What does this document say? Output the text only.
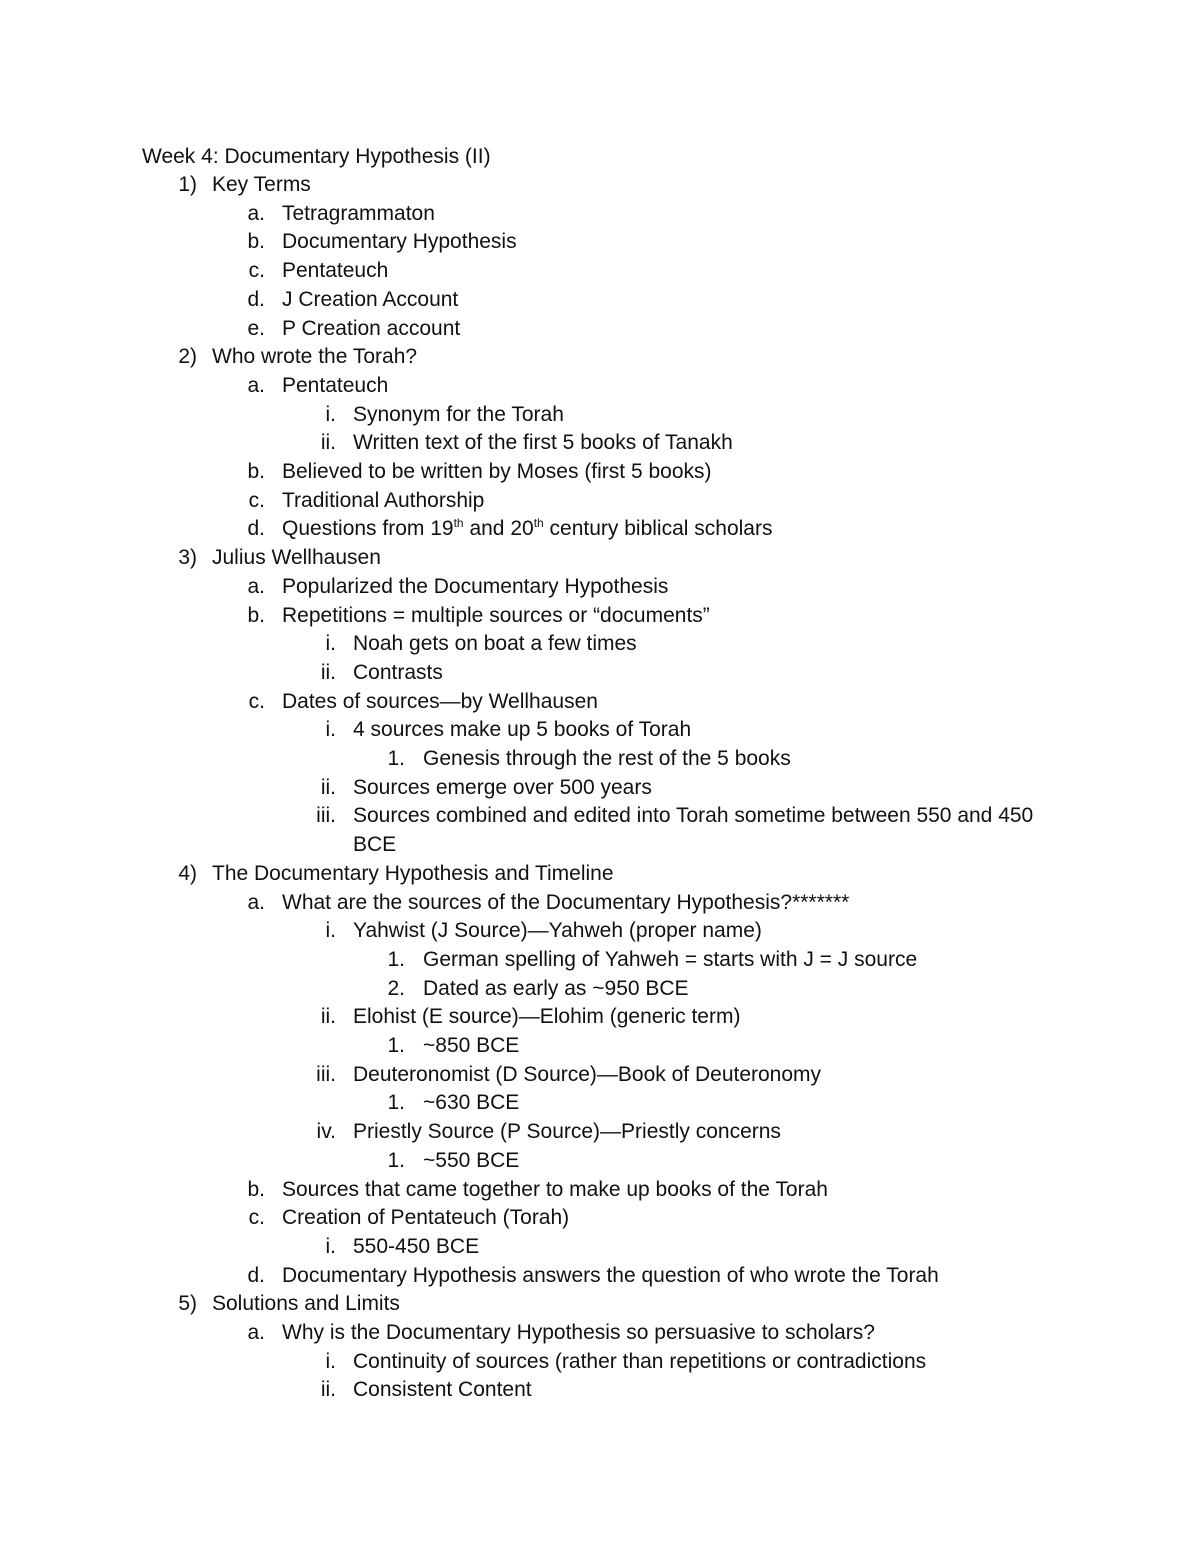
Week 4: Documentary Hypothesis (II)
1) Key Terms
a. Tetragrammaton
b. Documentary Hypothesis
c. Pentateuch
d. J Creation Account
e. P Creation account
2) Who wrote the Torah?
a. Pentateuch
i. Synonym for the Torah
ii. Written text of the first 5 books of Tanakh
b. Believed to be written by Moses (first 5 books)
c. Traditional Authorship
d. Questions from 19th and 20th century biblical scholars
3) Julius Wellhausen
a. Popularized the Documentary Hypothesis
b. Repetitions = multiple sources or “documents”
i. Noah gets on boat a few times
ii. Contrasts
c. Dates of sources—by Wellhausen
i. 4 sources make up 5 books of Torah
1. Genesis through the rest of the 5 books
ii. Sources emerge over 500 years
iii. Sources combined and edited into Torah sometime between 550 and 450
BCE
4) The Documentary Hypothesis and Timeline
a. What are the sources of the Documentary Hypothesis?*******
i. Yahwist (J Source)—Yahweh (proper name)
1. German spelling of Yahweh = starts with J = J source
2. Dated as early as ~950 BCE
ii. Elohist (E source)—Elohim (generic term)
1. ~850 BCE
iii. Deuteronomist (D Source)—Book of Deuteronomy
1. ~630 BCE
iv. Priestly Source (P Source)—Priestly concerns
1. ~550 BCE
b. Sources that came together to make up books of the Torah
c. Creation of Pentateuch (Torah)
i. 550-450 BCE
d. Documentary Hypothesis answers the question of who wrote the Torah
5) Solutions and Limits
a. Why is the Documentary Hypothesis so persuasive to scholars?
i. Continuity of sources (rather than repetitions or contradictions
ii. Consistent Content
